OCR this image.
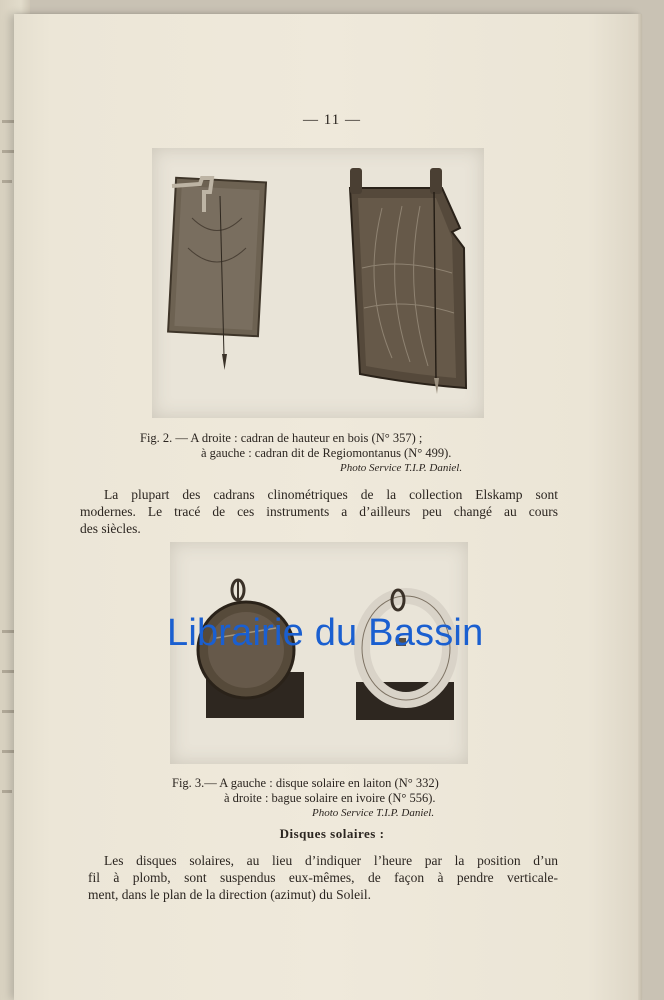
— 11 —
Fig. 2. — A droite : cadran de hauteur en bois (N° 357) ;
à gauche : cadran dit de Regiomontanus (N° 499).
Photo Service T.I.P. Daniel.
La plupart des cadrans clinométriques de la collection Elskamp sont
modernes. Le tracé de ces instruments a d’ailleurs peu changé au cours
des siècles.
Librairie du Bassin
Fig. 3.— A gauche : disque solaire en laiton (N° 332)
à droite : bague solaire en ivoire (N° 556).
Photo Service T.I.P. Daniel.
Disques solaires :
Les disques solaires, au lieu d’indiquer l’heure par la position d’un
fil à plomb, sont suspendus eux-mêmes, de façon à pendre verticale-
ment, dans le plan de la direction (azimut) du Soleil.
